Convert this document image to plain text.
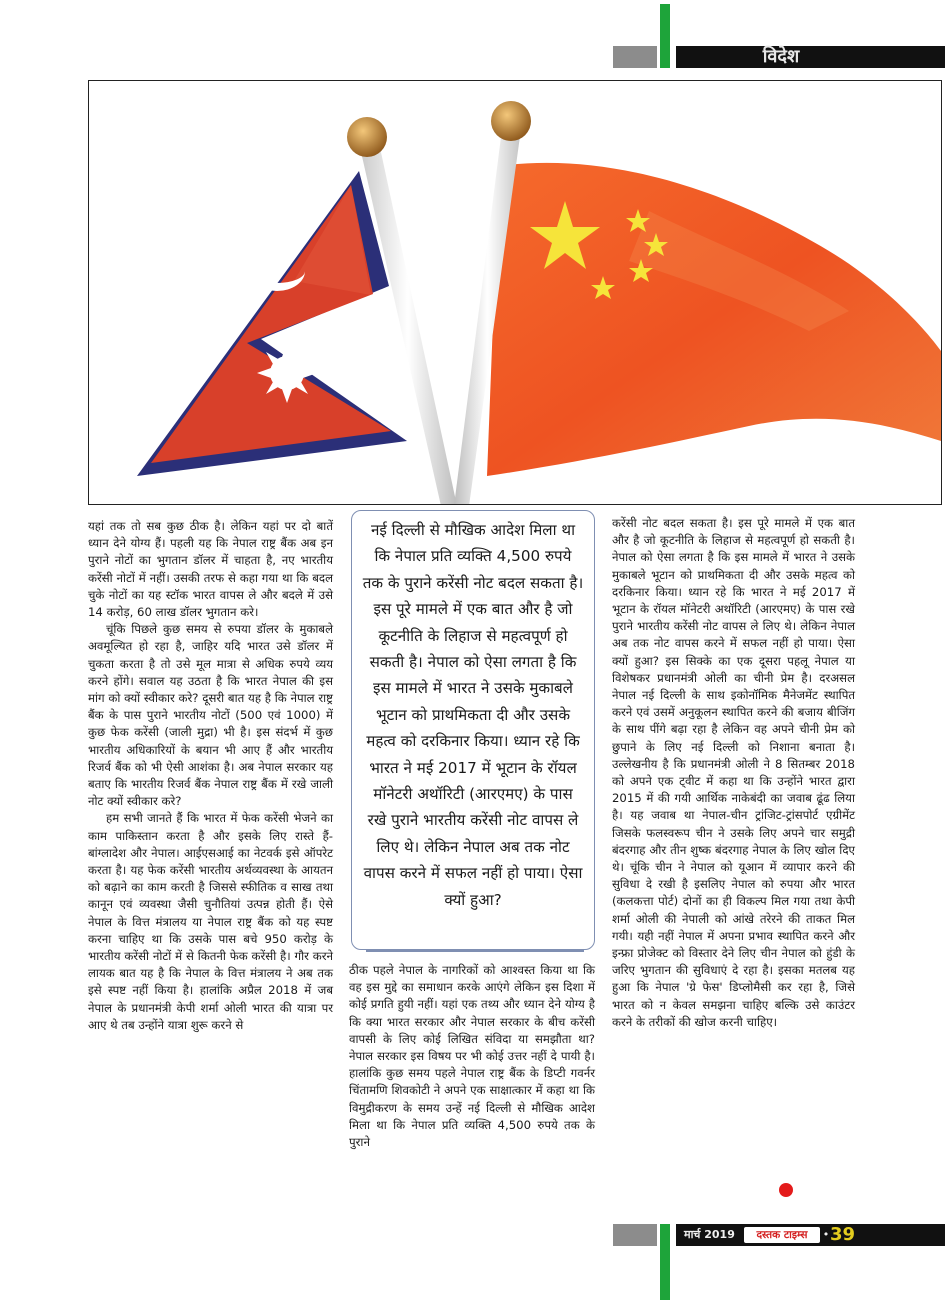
विदेश

यहां तक तो सब कुछ ठीक है। लेकिन यहां पर दो बातें ध्यान देने योग्य हैं। पहली यह कि नेपाल राष्ट्र बैंक अब इन पुराने नोटों का भुगतान डॉलर में चाहता है, नए भारतीय करेंसी नोटों में नहीं। उसकी तरफ से कहा गया था कि बदल चुके नोटों का यह स्टॉक भारत वापस ले और बदले में उसे 14 करोड़, 60 लाख डॉलर भुगतान करे।

चूंकि पिछले कुछ समय से रुपया डॉलर के मुकाबले अवमूल्यित हो रहा है, जाहिर यदि भारत उसे डॉलर में चुकता करता है तो उसे मूल मात्रा से अधिक रुपये व्यय करने होंगे। सवाल यह उठता है कि भारत नेपाल की इस मांग को क्यों स्वीकार करे? दूसरी बात यह है कि नेपाल राष्ट्र बैंक के पास पुराने भारतीय नोटों (500 एवं 1000) में कुछ फेक करेंसी (जाली मुद्रा) भी है। इस संदर्भ में कुछ भारतीय अधिकारियों के बयान भी आए हैं और भारतीय रिजर्व बैंक को भी ऐसी आशंका है। अब नेपाल सरकार यह बताए कि भारतीय रिजर्व बैंक नेपाल राष्ट्र बैंक में रखे जाली नोट क्यों स्वीकार करे?

हम सभी जानते हैं कि भारत में फेक करेंसी भेजने का काम पाकिस्तान करता है और इसके लिए रास्ते हैं-बांग्लादेश और नेपाल। आईएसआई का नेटवर्क इसे ऑपरेट करता है। यह फेक करेंसी भारतीय अर्थव्यवस्था के आयतन को बढ़ाने का काम करती है जिससे स्फीतिक व साख तथा कानून एवं व्यवस्था जैसी चुनौतियां उत्पन्न होती हैं। ऐसे नेपाल के वित्त मंत्रालय या नेपाल राष्ट्र बैंक को यह स्पष्ट करना चाहिए था कि उसके पास बचे 950 करोड़ के भारतीय करेंसी नोटों में से कितनी फेक करेंसी है। गौर करने लायक बात यह है कि नेपाल के वित्त मंत्रालय ने अब तक इसे स्पष्ट नहीं किया है। हालांकि अप्रैल 2018 में जब नेपाल के प्रधानमंत्री केपी शर्मा ओली भारत की यात्रा पर आए थे तब उन्होंने यात्रा शुरू करने से

नई दिल्ली से मौखिक आदेश मिला था कि नेपाल प्रति व्यक्ति 4,500 रुपये तक के पुराने करेंसी नोट बदल सकता है। इस पूरे मामले में एक बात और है जो कूटनीति के लिहाज से महत्वपूर्ण हो सकती है। नेपाल को ऐसा लगता है कि इस मामले में भारत ने उसके मुकाबले भूटान को प्राथमिकता दी और उसके महत्व को दरकिनार किया। ध्यान रहे कि भारत ने मई 2017 में भूटान के रॉयल मॉनेटरी अथॉरिटी (आरएमए) के पास रखे पुराने भारतीय करेंसी नोट वापस ले लिए थे। लेकिन नेपाल अब तक नोट वापस करने में सफल नहीं हो पाया। ऐसा क्यों हुआ?

ठीक पहले नेपाल के नागरिकों को आश्वस्त किया था कि वह इस मुद्दे का समाधान करके आएंगे लेकिन इस दिशा में कोई प्रगति हुयी नहीं। यहां एक तथ्य और ध्यान देने योग्य है कि क्या भारत सरकार और नेपाल सरकार के बीच करेंसी वापसी के लिए कोई लिखित संविदा या समझौता था? नेपाल सरकार इस विषय पर भी कोई उत्तर नहीं दे पायी है। हालांकि कुछ समय पहले नेपाल राष्ट्र बैंक के डिप्टी गवर्नर चिंतामणि शिवकोटी ने अपने एक साक्षात्कार में कहा था कि विमुद्रीकरण के समय उन्हें नई दिल्ली से मौखिक आदेश मिला था कि नेपाल प्रति व्यक्ति 4,500 रुपये तक के पुराने

करेंसी नोट बदल सकता है। इस पूरे मामले में एक बात और है जो कूटनीति के लिहाज से महत्वपूर्ण हो सकती है। नेपाल को ऐसा लगता है कि इस मामले में भारत ने उसके मुकाबले भूटान को प्राथमिकता दी और उसके महत्व को दरकिनार किया। ध्यान रहे कि भारत ने मई 2017 में भूटान के रॉयल मॉनेटरी अथॉरिटी (आरएमए) के पास रखे पुराने भारतीय करेंसी नोट वापस ले लिए थे। लेकिन नेपाल अब तक नोट वापस करने में सफल नहीं हो पाया। ऐसा क्यों हुआ? इस सिक्के का एक दूसरा पहलू नेपाल या विशेषकर प्रधानमंत्री ओली का चीनी प्रेम है। दरअसल नेपाल नई दिल्ली के साथ इकोनॉमिक मैनेजमेंट स्थापित करने एवं उसमें अनुकूलन स्थापित करने की बजाय बीजिंग के साथ पींगे बढ़ा रहा है लेकिन वह अपने चीनी प्रेम को छुपाने के लिए नई दिल्ली को निशाना बनाता है। उल्लेखनीय है कि प्रधानमंत्री ओली ने 8 सितम्बर 2018 को अपने एक ट्वीट में कहा था कि उन्होंने भारत द्वारा 2015 में की गयी आर्थिक नाकेबंदी का जवाब ढूंढ लिया है। यह जवाब था नेपाल-चीन ट्रांजिट-ट्रांसपोर्ट एग्रीमेंट जिसके फलस्वरूप चीन ने उसके लिए अपने चार समुद्री बंदरगाह और तीन शुष्क बंदरगाह नेपाल के लिए खोल दिए थे। चूंकि चीन ने नेपाल को यूआन में व्यापार करने की सुविधा दे रखी है इसलिए नेपाल को रुपया और भारत (कलकत्ता पोर्ट) दोनों का ही विकल्प मिल गया तथा केपी शर्मा ओली की नेपाली को आंखे तरेरने की ताकत मिल गयी। यही नहीं नेपाल में अपना प्रभाव स्थापित करने और इन्फ्रा प्रोजेक्ट को विस्तार देने लिए चीन नेपाल को हुंडी के जरिए भुगतान की सुविधाएं दे रहा है। इसका मतलब यह हुआ कि नेपाल 'ग्रे फेस' डिप्लोमैसी कर रहा है, जिसे भारत को न केवल समझना चाहिए बल्कि उसे काउंटर करने के तरीकों की खोज करनी चाहिए।

मार्च 2019	दस्तक टाइम्स	• 39
